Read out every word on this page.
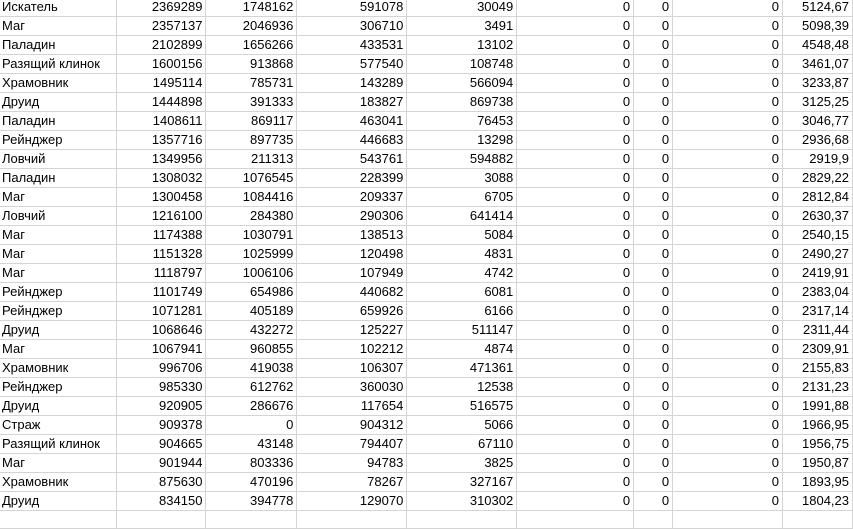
Искатель	2369289	1748162	591078	30049	0	0	0	5124,67
Маг	2357137	2046936	306710	3491	0	0	0	5098,39
Паладин	2102899	1656266	433531	13102	0	0	0	4548,48
Разящий клинок	1600156	913868	577540	108748	0	0	0	3461,07
Храмовник	1495114	785731	143289	566094	0	0	0	3233,87
Друид	1444898	391333	183827	869738	0	0	0	3125,25
Паладин	1408611	869117	463041	76453	0	0	0	3046,77
Рейнджер	1357716	897735	446683	13298	0	0	0	2936,68
Ловчий	1349956	211313	543761	594882	0	0	0	2919,9
Паладин	1308032	1076545	228399	3088	0	0	0	2829,22
Маг	1300458	1084416	209337	6705	0	0	0	2812,84
Ловчий	1216100	284380	290306	641414	0	0	0	2630,37
Маг	1174388	1030791	138513	5084	0	0	0	2540,15
Маг	1151328	1025999	120498	4831	0	0	0	2490,27
Маг	1118797	1006106	107949	4742	0	0	0	2419,91
Рейнджер	1101749	654986	440682	6081	0	0	0	2383,04
Рейнджер	1071281	405189	659926	6166	0	0	0	2317,14
Друид	1068646	432272	125227	511147	0	0	0	2311,44
Маг	1067941	960855	102212	4874	0	0	0	2309,91
Храмовник	996706	419038	106307	471361	0	0	0	2155,83
Рейнджер	985330	612762	360030	12538	0	0	0	2131,23
Друид	920905	286676	117654	516575	0	0	0	1991,88
Страж	909378	0	904312	5066	0	0	0	1966,95
Разящий клинок	904665	43148	794407	67110	0	0	0	1956,75
Маг	901944	803336	94783	3825	0	0	0	1950,87
Храмовник	875630	470196	78267	327167	0	0	0	1893,95
Друид	834150	394778	129070	310302	0	0	0	1804,23
